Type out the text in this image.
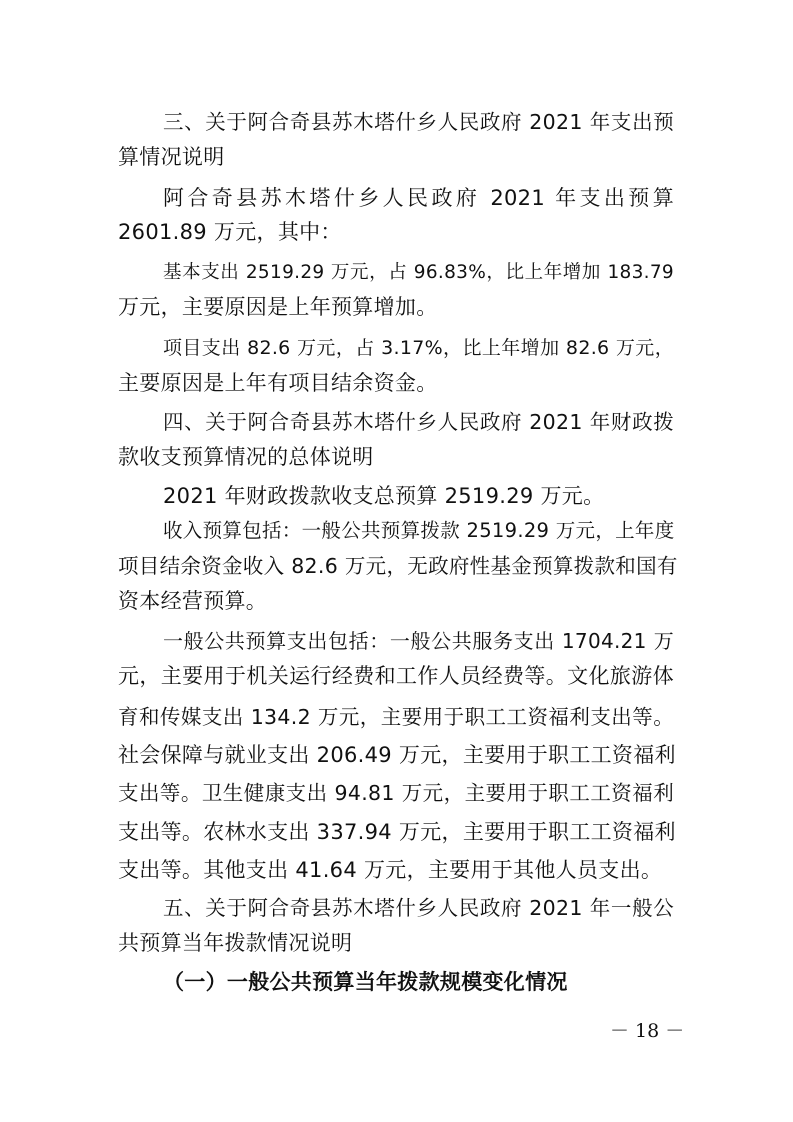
三、关于阿合奇县苏木塔什乡人民政府 2021 年支出预
算情况说明
阿合奇县苏木塔什乡人民政府 2021 年支出预算
2601.89 万元，其中：
基本支出 2519.29 万元，占 96.83%，比上年增加 183.79
万元，主要原因是上年预算增加。
项目支出 82.6 万元，占 3.17%，比上年增加 82.6 万元，
主要原因是上年有项目结余资金。
四、关于阿合奇县苏木塔什乡人民政府 2021 年财政拨
款收支预算情况的总体说明
2021 年财政拨款收支总预算 2519.29 万元。
收入预算包括：一般公共预算拨款 2519.29 万元，上年度
项目结余资金收入 82.6 万元，无政府性基金预算拨款和国有
资本经营预算。
一般公共预算支出包括：一般公共服务支出 1704.21 万
元，主要用于机关运行经费和工作人员经费等。文化旅游体
育和传媒支出 134.2 万元，主要用于职工工资福利支出等。
社会保障与就业支出 206.49 万元，主要用于职工工资福利
支出等。卫生健康支出 94.81 万元，主要用于职工工资福利
支出等。农林水支出 337.94 万元，主要用于职工工资福利
支出等。其他支出 41.64 万元，主要用于其他人员支出。
五、关于阿合奇县苏木塔什乡人民政府 2021 年一般公
共预算当年拨款情况说明
（一）一般公共预算当年拨款规模变化情况
－ 18 －
